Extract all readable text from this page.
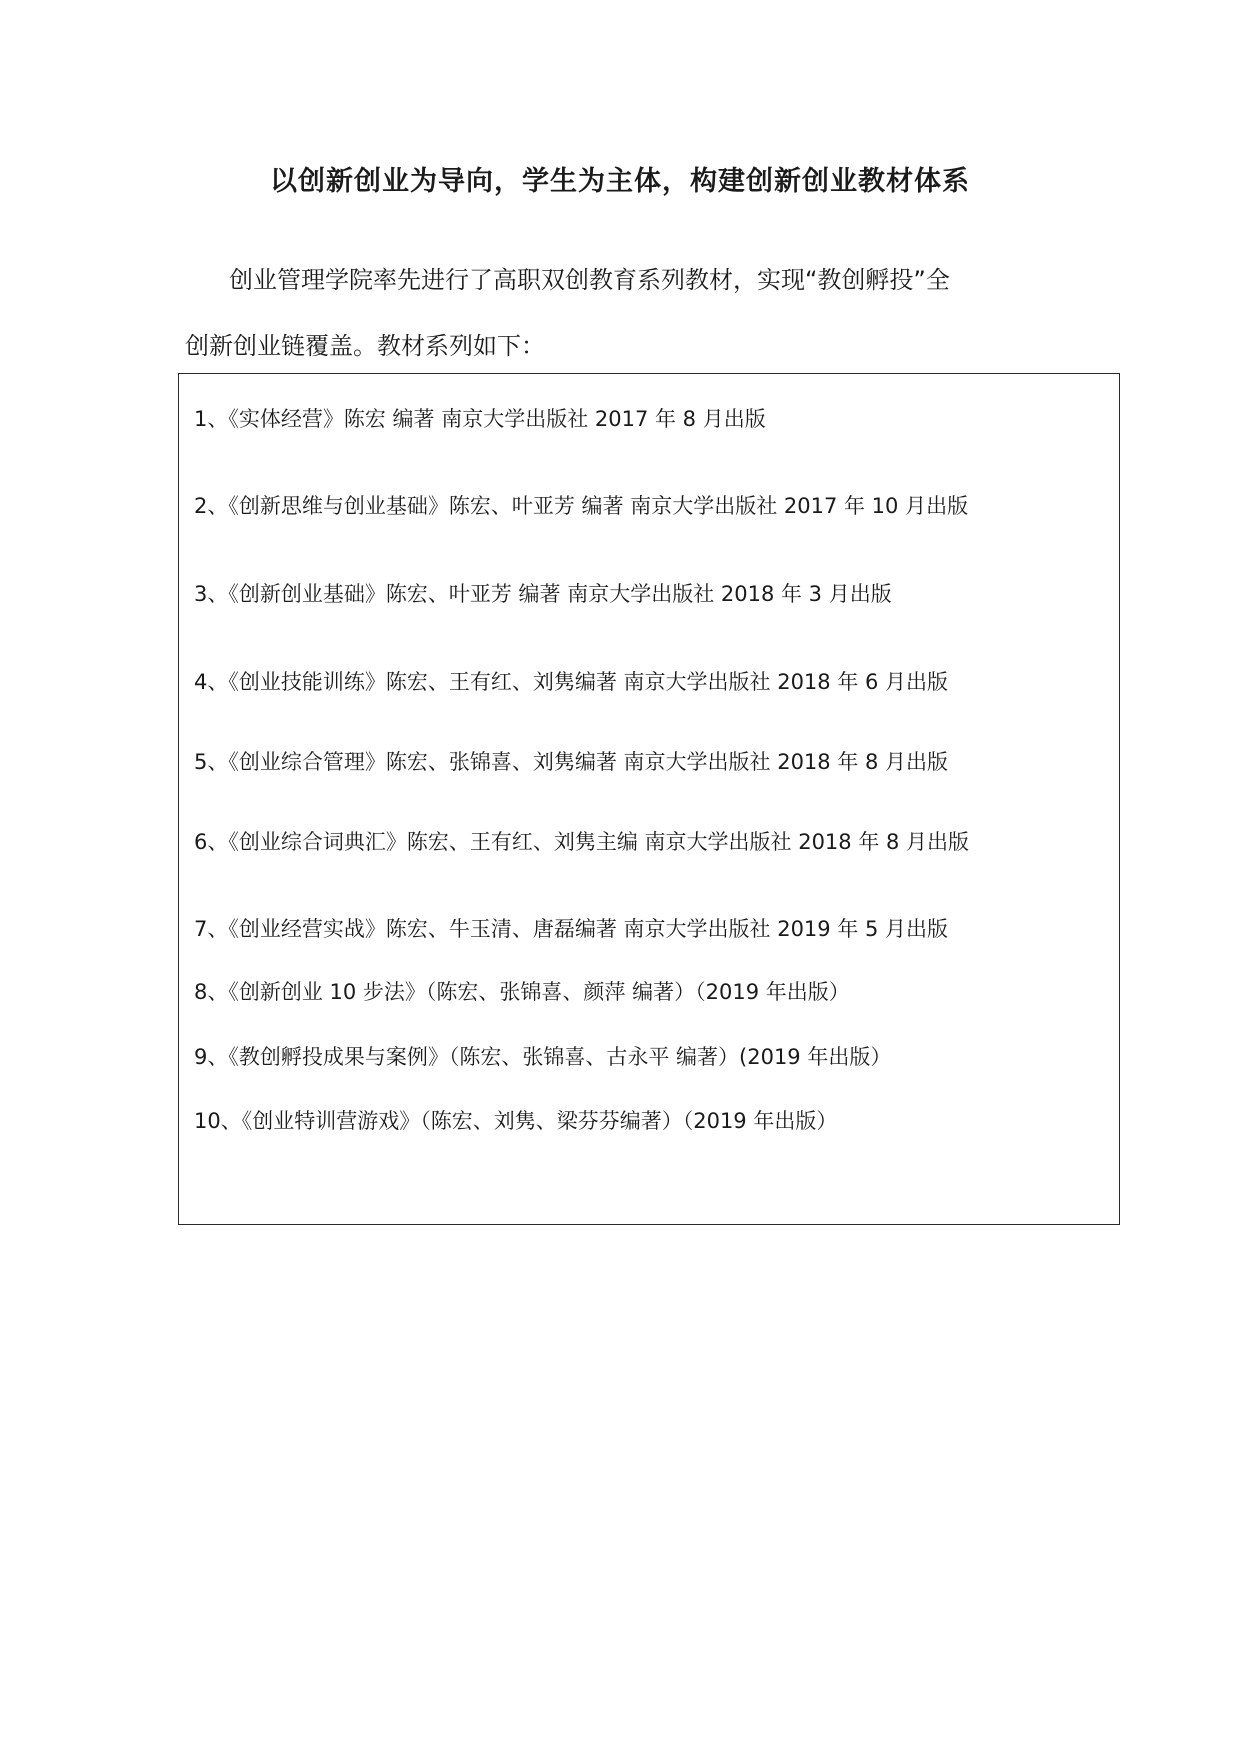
以创新创业为导向，学生为主体，构建创新创业教材体系
创业管理学院率先进行了高职双创教育系列教材，实现“教创孵投”全
创新创业链覆盖。教材系列如下：
1、《实体经营》陈宏 编著 南京大学出版社 2017 年 8 月出版
2、《创新思维与创业基础》陈宏、叶亚芳 编著 南京大学出版社 2017 年 10 月出版
3、《创新创业基础》陈宏、叶亚芳 编著 南京大学出版社 2018 年 3 月出版
4、《创业技能训练》陈宏、王有红、刘隽编著 南京大学出版社 2018 年 6 月出版
5、《创业综合管理》陈宏、张锦喜、刘隽编著 南京大学出版社 2018 年 8 月出版
6、《创业综合词典汇》陈宏、王有红、刘隽主编 南京大学出版社 2018 年 8 月出版
7、《创业经营实战》陈宏、牛玉清、唐磊编著 南京大学出版社 2019 年 5 月出版
8、《创新创业 10 步法》（陈宏、张锦喜、颜萍 编著）（2019 年出版）
9、《教创孵投成果与案例》（陈宏、张锦喜、古永平 编著）(2019 年出版）
10、《创业特训营游戏》（陈宏、刘隽、梁芬芬编著）（2019 年出版）
